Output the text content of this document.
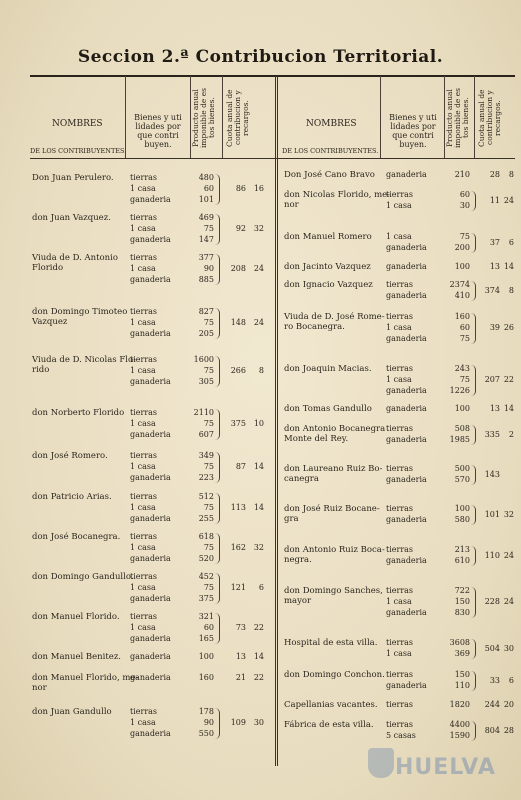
Seccion 2.ª Contribucion Territorial.
NOMBRES
DE LOS CONTRIBUYENTES.
Bienes y uti lidades por que contri buyen.	Producto anual imponible de es tos bienes. Cuota anual de contribucion y recargos.	NOMBRES
DE LOS CONTRIBUYENTES.
Bienes y uti lidades por que contri buyen.	Producto anual imponible de es tos bienes. Cuota anual de contribucion y recargos.
Don Juan Perulero. tierras	480
1 casa	60
ganaderia	101
86 16
don Juan Vazquez. tierras	469
1 casa	75
ganaderia	147
92 32
Viuda de D. Antonio
Florido
tierras	377
1 casa	90
ganaderia	885
208 24
don Domingo Timoteo
Vazquez
tierras	827
1 casa	75
ganaderia	205
148 24
Viuda de D. Nicolas Flo-
rido
tierras	1600
1 casa	75
ganaderia	305
266	8
don Norberto Florido tierras	2110
1 casa	75
ganaderia	607
375 10
don José Romero.	tierras	349
1 casa	75
ganaderia	223
87 14
don Patricio Arias. tierras	512
1 casa	75
ganaderia	255
113 14
don José Bocanegra. tierras	618
1 casa	75
ganaderia	520
162 32
don Domingo Gandullo.
tierras	452
1 casa	75
ganaderia	375
121	6
don Manuel Florido. tierras	321
1 casa	60
ganaderia	165
73 22
don Manuel Benitez. ganaderia	100	13 14
don Manuel Florido, me-
nor
ganaderia	160	21 22
don Juan Gandullo tierras	178
1 casa	90
ganaderia	550
109 30
Don José Cano Bravo ganaderia	210	28	8
don Nicolas Florido, me-
nor
tierras	60
1 casa	30
11 24
don Manuel Romero 1 casa	75
ganaderia	200
37	6
don Jacinto Vazquez ganaderia	100	13 14
don Ignacio Vazquez tierras	2374
ganaderia	410
374	8
Viuda de D. José Rome-
ro Bocanegra.
tierras	160
1 casa	60
ganaderia	75
39 26
don Joaquin Macias. tierras	243
1 casa	75
ganaderia	1226
207 22
don Tomas Gandullo ganaderia	100	13 14
don Antonio Bocanegra
Monte del Rey.
tierras	508
ganaderia	1985
335	2
don Laureano Ruiz Bo-
canegra
tierras	500
ganaderia	570
143
don José Ruiz Bocane-
gra
tierras	100
ganaderia	580
101 32
don Antonio Ruiz Boca-
negra.
tierras	213
ganaderia	610
110 24
don Domingo Sanches,
mayor
tierras	722
1 casa	150
ganaderia	830
228 24
Hospital de esta villa. tierras	3608
1 casa	369
504 30
don Domingo Conchon. tierras	150
ganaderia	110
33	6
Capellanias vacantes. tierras	1820	244 20
Fábrica de esta villa. tierras	4400
5 casas	1590
804 28
HUELVA
